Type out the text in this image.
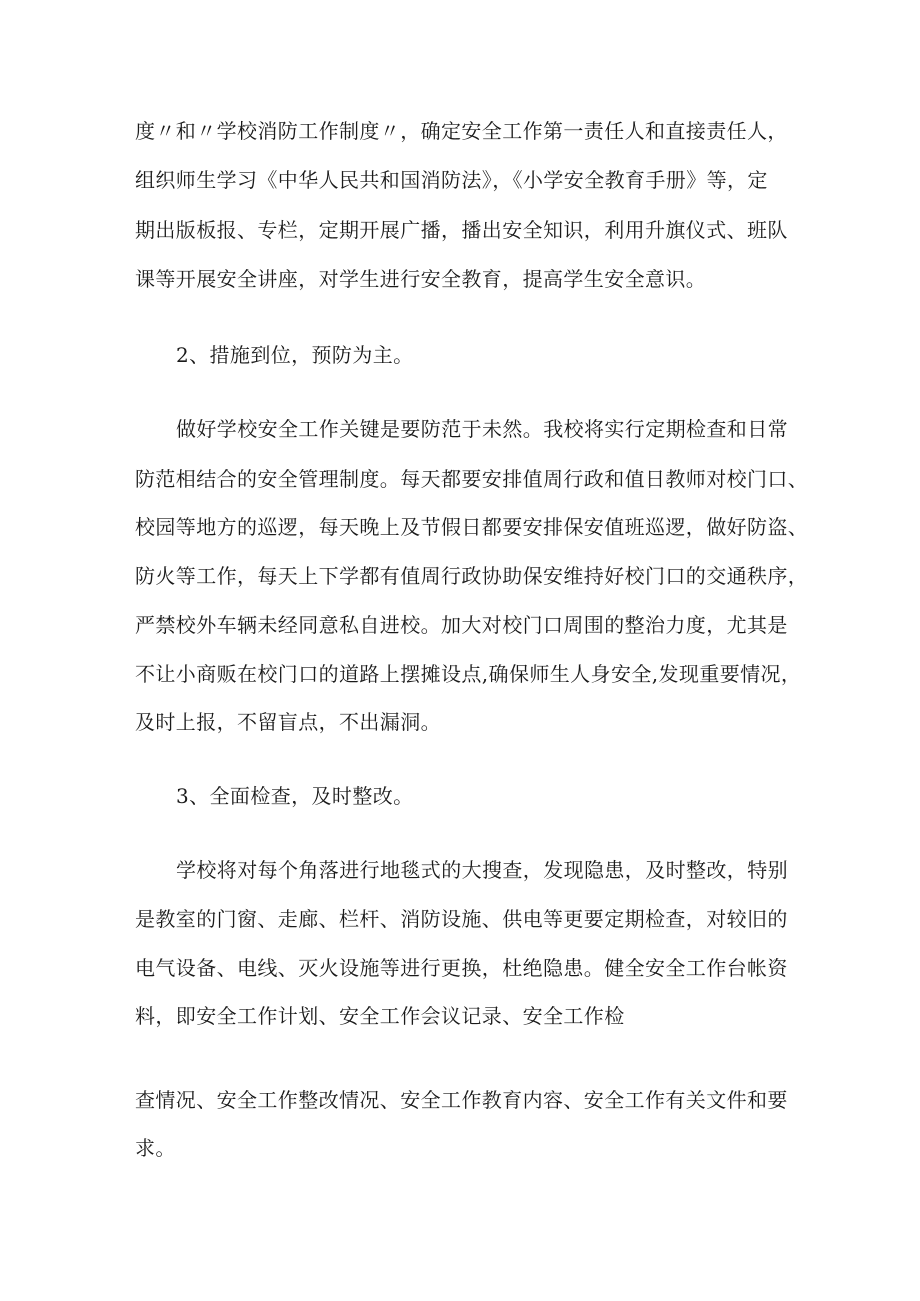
度〃和〃学校消防工作制度〃，确定安全工作第一责任人和直接责任人，
组织师生学习《中华人民共和国消防法》，《小学安全教育手册》等，定
期出版板报、专栏，定期开展广播，播出安全知识，利用升旗仪式、班队
课等开展安全讲座，对学生进行安全教育，提高学生安全意识。
2、措施到位，预防为主。
做好学校安全工作关键是要防范于未然。我校将实行定期检查和日常
防范相结合的安全管理制度。每天都要安排值周行政和值日教师对校门口、
校园等地方的巡逻，每天晚上及节假日都要安排保安值班巡逻，做好防盗、
防火等工作，每天上下学都有值周行政协助保安维持好校门口的交通秩序，
严禁校外车辆未经同意私自进校。加大对校门口周围的整治力度，尤其是
不让小商贩在校门口的道路上摆摊设点,确保师生人身安全,发现重要情况，
及时上报，不留盲点，不出漏洞。
3、全面检查，及时整改。
学校将对每个角落进行地毯式的大搜查，发现隐患，及时整改，特别
是教室的门窗、走廊、栏杆、消防设施、供电等更要定期检查，对较旧的
电气设备、电线、灭火设施等进行更换，杜绝隐患。健全安全工作台帐资
料，即安全工作计划、安全工作会议记录、安全工作检
查情况、安全工作整改情况、安全工作教育内容、安全工作有关文件和要
求。
